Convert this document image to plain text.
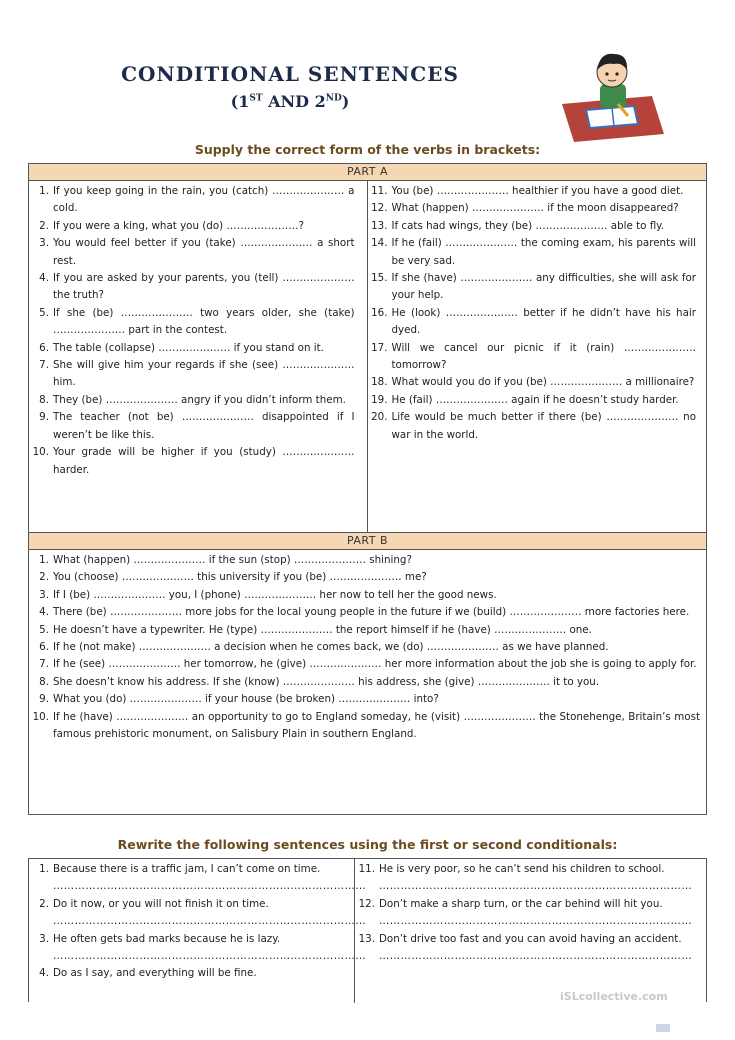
CONDITIONAL SENTENCES
(1ST AND 2ND)
Supply the correct form of the verbs in brackets:
PART A
1. If you keep going in the rain, you (catch) ………………… a cold.
2. If you were a king, what you (do) …………………?
3. You would feel better if you (take) ………………… a short rest.
4. If you are asked by your parents, you (tell) ………………… the truth?
5. If she (be) ………………… two years older, she (take) ………………… part in the contest.
6. The table (collapse) ………………… if you stand on it.
7. She will give him your regards if she (see) ………………… him.
8. They (be) ………………… angry if you didn’t inform them.
9. The teacher (not be) ………………… disappointed if I weren’t be like this.
10. Your grade will be higher if you (study) ………………… harder.
11. You (be) ………………… healthier if you have a good diet.
12. What (happen) ………………… if the moon disappeared?
13. If cats had wings, they (be) ………………… able to fly.
14. If he (fail) ………………… the coming exam, his parents will be very sad.
15. If she (have) ………………… any difficulties, she will ask for your help.
16. He (look) ………………… better if he didn’t have his hair dyed.
17. Will we cancel our picnic if it (rain) ………………… tomorrow?
18. What would you do if you (be) ………………… a millionaire?
19. He (fail) ………………… again if he doesn’t study harder.
20. Life would be much better if there (be) ………………… no war in the world.
PART B
1. What (happen) ………………… if the sun (stop) ………………… shining?
2. You (choose) ………………… this university if you (be) ………………… me?
3. If I (be) ………………… you, I (phone) ………………… her now to tell her the good news.
4. There (be) ………………… more jobs for the local young people in the future if we (build) ………………… more factories here.
5. He doesn’t have a typewriter. He (type) ………………… the report himself if he (have) ………………… one.
6. If he (not make) ………………… a decision when he comes back, we (do) ………………… as we have planned.
7. If he (see) ………………… her tomorrow, he (give) ………………… her more information about the job she is going to apply for.
8. She doesn’t know his address. If she (know) ………………… his address, she (give) ………………… it to you.
9. What you (do) ………………… if your house (be broken) ………………… into?
10. If he (have) ………………… an opportunity to go to England someday, he (visit) ………………… the Stonehenge, Britain’s most famous prehistoric monument, on Salisbury Plain in southern England.
Rewrite the following sentences using the first or second conditionals:
1. Because there is a traffic jam, I can’t come on time.
……………………………………………………………………………
2. Do it now, or you will not finish it on time.
……………………………………………………………………………
3. He often gets bad marks because he is lazy.
……………………………………………………………………………
4. Do as I say, and everything will be fine.
11. He is very poor, so he can’t send his children to school.
……………………………………………………………………………
12. Don’t make a sharp turn, or the car behind will hit you.
……………………………………………………………………………
13. Don’t drive too fast and you can avoid having an accident.
……………………………………………………………………………
iSLcollective.com
